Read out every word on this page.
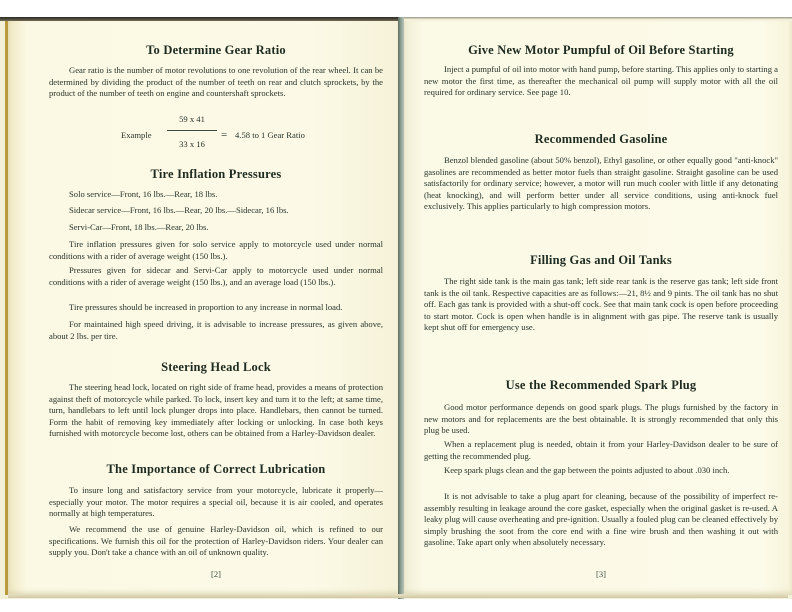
To Determine Gear Ratio

Gear ratio is the number of motor revolutions to one revolution of the rear wheel. It can be determined by dividing the product of the number of teeth on rear and clutch sprockets, by the product of the number of teeth on engine and countershaft sprockets.

Example
59 x 41
33 x 16
= 4.58 to 1 Gear Ratio
Tire Inflation Pressures

Solo service—Front, 16 lbs.—Rear, 18 lbs.

Sidecar service—Front, 16 lbs.—Rear, 20 lbs.—Sidecar, 16 lbs.

Servi-Car—Front, 18 lbs.—Rear, 20 lbs.

Tire inflation pressures given for solo service apply to motorcycle used under normal conditions with a rider of average weight (150 lbs.).

Pressures given for sidecar and Servi-Car apply to motorcycle used under normal conditions with a rider of average weight (150 lbs.), and an average load (150 lbs.).

Tire pressures should be increased in proportion to any increase in normal load.

For maintained high speed driving, it is advisable to increase pressures, as given above, about 2 lbs. per tire.

Steering Head Lock

The steering head lock, located on right side of frame head, provides a means of protection against theft of motorcycle while parked. To lock, insert key and turn it to the left; at same time, turn, handlebars to left until lock plunger drops into place. Handlebars, then cannot be turned. Form the habit of removing key immediately after locking or unlocking. In case both keys furnished with motorcycle become lost, others can be obtained from a Harley-Davidson dealer.

The Importance of Correct Lubrication

To insure long and satisfactory service from your motorcycle, lubricate it properly—especially your motor. The motor requires a special oil, because it is air cooled, and operates normally at high temperatures.

We recommend the use of genuine Harley-Davidson oil, which is refined to our specifications. We furnish this oil for the protection of Harley-Davidson riders. Your dealer can supply you. Don't take a chance with an oil of unknown quality.

[2]
Give New Motor Pumpful of Oil Before Starting

Inject a pumpful of oil into motor with hand pump, before starting. This applies only to starting a new motor the first time, as thereafter the mechanical oil pump will supply motor with all the oil required for ordinary service. See page 10.

Recommended Gasoline

Benzol blended gasoline (about 50% benzol), Ethyl gasoline, or other equally good "anti-knock" gasolines are recommended as better motor fuels than straight gasoline. Straight gasoline can be used satisfactorily for ordinary service; however, a motor will run much cooler with little if any detonating (heat knocking), and will perform better under all service conditions, using anti-knock fuel exclusively. This applies particularly to high compression motors.

Filling Gas and Oil Tanks

The right side tank is the main gas tank; left side rear tank is the reserve gas tank; left side front tank is the oil tank. Respective capacities are as follows:—21, 8½ and 9 pints. The oil tank has no shut off. Each gas tank is provided with a shut-off cock. See that main tank cock is open before proceeding to start motor. Cock is open when handle is in alignment with gas pipe. The reserve tank is usually kept shut off for emergency use.

Use the Recommended Spark Plug

Good motor performance depends on good spark plugs. The plugs furnished by the factory in new motors and for replacements are the best obtainable. It is strongly recommended that only this plug be used.

When a replacement plug is needed, obtain it from your Harley-Davidson dealer to be sure of getting the recommended plug.

Keep spark plugs clean and the gap between the points adjusted to about .030 inch.

It is not advisable to take a plug apart for cleaning, because of the possibility of imperfect re-assembly resulting in leakage around the core gasket, especially when the original gasket is re-used. A leaky plug will cause overheating and pre-ignition. Usually a fouled plug can be cleaned effectively by simply brushing the soot from the core end with a fine wire brush and then washing it out with gasoline. Take apart only when absolutely necessary.

[3]
